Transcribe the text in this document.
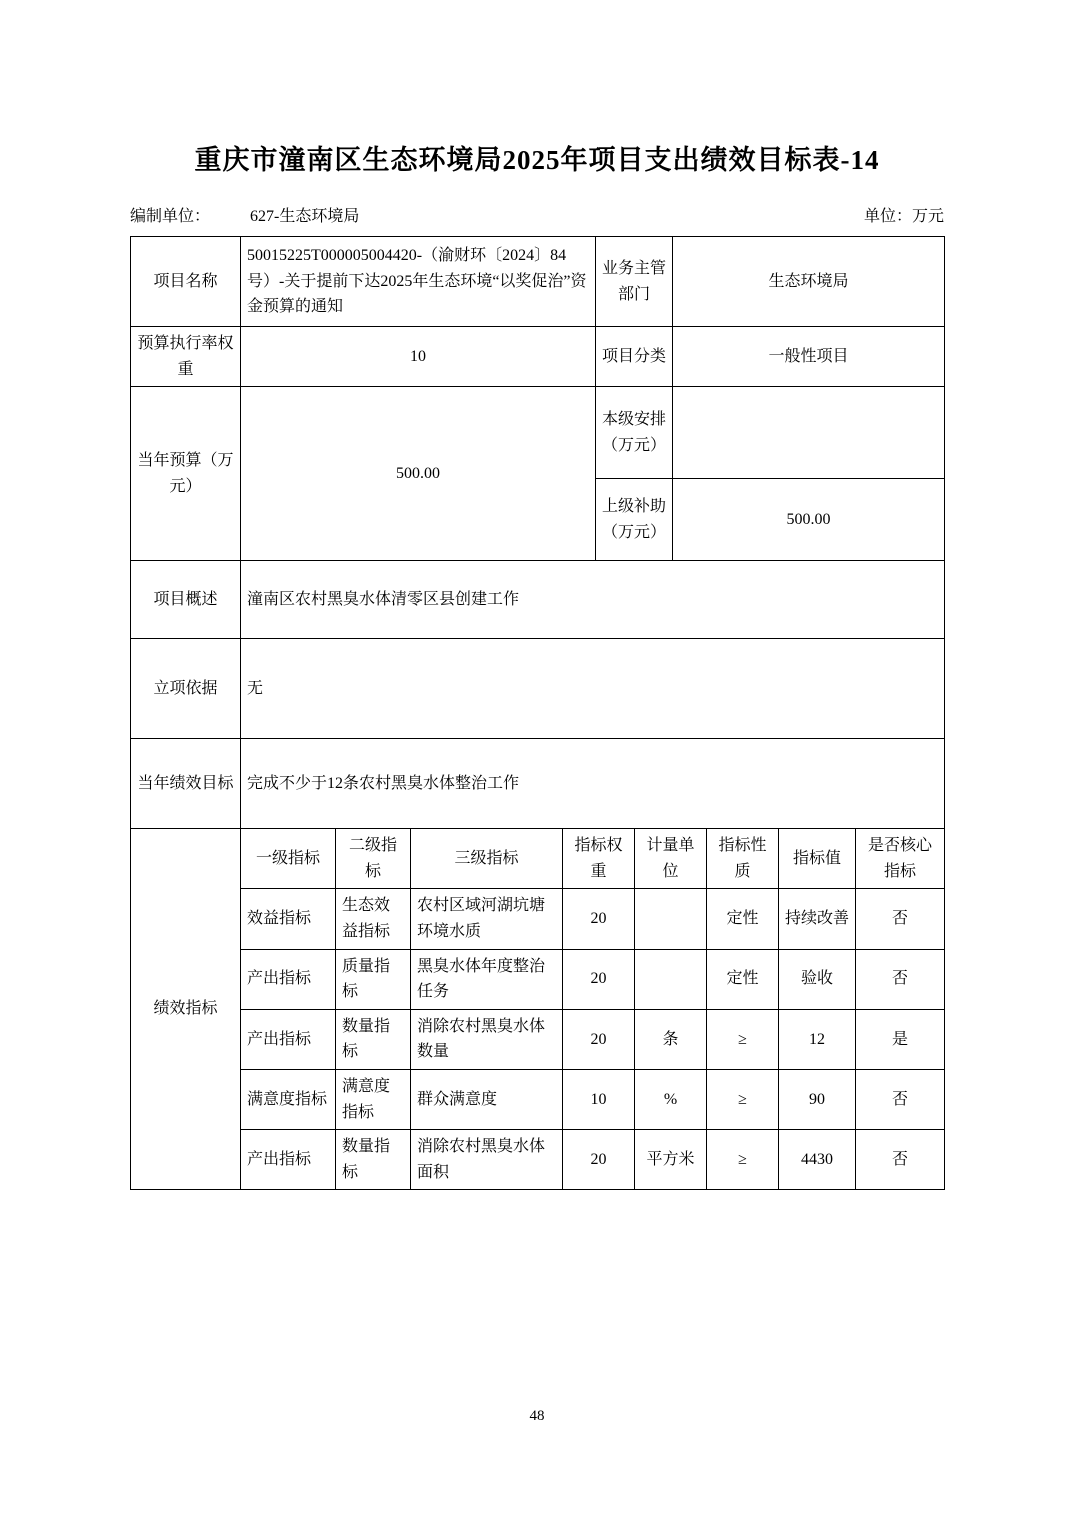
重庆市潼南区生态环境局2025年项目支出绩效目标表-14
编制单位：	627-生态环境局	单位：万元
项目名称	50015225T000005004420-（渝财环〔2024〕84号）-关于提前下达2025年生态环境“以奖促治”资金预算的通知	业务主管部门	生态环境局
预算执行率权重	10	项目分类	一般性项目
当年预算（万元）	500.00	本级安排（万元）	
		上级补助（万元）	500.00
项目概述	潼南区农村黑臭水体清零区县创建工作
立项依据	无
当年绩效目标	完成不少于12条农村黑臭水体整治工作
绩效指标	一级指标	二级指标	三级指标	指标权重	计量单位	指标性质	指标值	是否核心指标
	效益指标	生态效益指标	农村区域河湖坑塘环境水质	20		定性	持续改善	否
	产出指标	质量指标	黑臭水体年度整治任务	20		定性	验收	否
	产出指标	数量指标	消除农村黑臭水体数量	20	条	≥	12	是
	满意度指标	满意度指标	群众满意度	10	%	≥	90	否
	产出指标	数量指标	消除农村黑臭水体面积	20	平方米	≥	4430	否
48
